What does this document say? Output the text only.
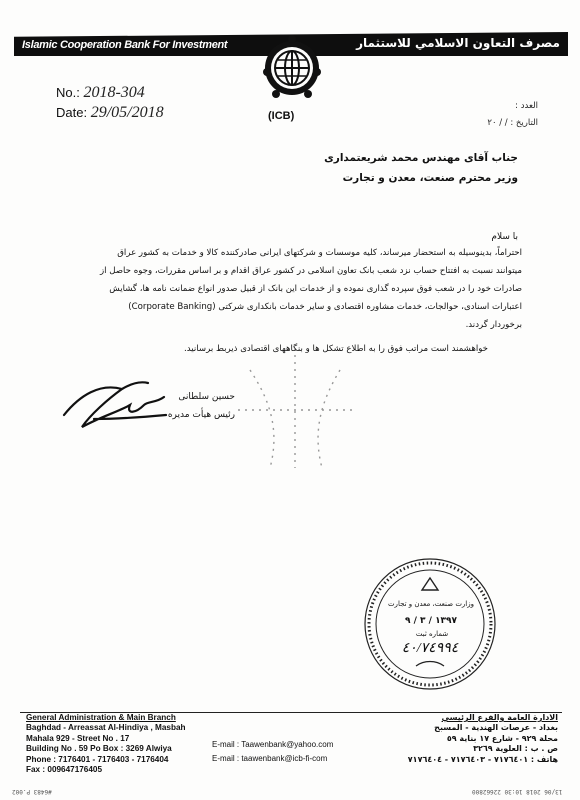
Islamic Cooperation Bank For Investment	مصرف التعاون الاسلامي للاستثمار
(ICB)
No.: 2018-304
Date: 29/05/2018	العدد :
التاريخ : / / ٢٠
جناب آقای مهندس محمد شریعتمداری
وزیر محترم صنعت، معدن و تجارت
با سلام
احتراماً، بدینوسیله به استحضار میرساند، کلیه موسسات و شرکتهای ایرانی صادرکننده کالا و خدمات به کشور عراق
میتوانند نسبت به افتتاح حساب نزد شعب بانک تعاون اسلامی در کشور عراق اقدام و بر اساس مقررات، وجوه حاصل از
صادرات خود را در شعب فوق سپرده گذاری نموده و از خدمات این بانک از قبیل صدور انواع ضمانت نامه ها، گشایش
اعتبارات اسنادی، حوالجات، خدمات مشاوره اقتصادی و سایر خدمات بانکداری شرکتی (Corporate Banking)
برخوردار گردند.
خواهشمند است مراتب فوق را به اطلاع تشکل ها و بنگاههای اقتصادی ذیربط برسانید.
حسین سلطانی
رئیس هیأت مدیره
وزارت صنعت، معدن و تجارت
١٣٩٧ / ٣ / ٩
شماره ثبت
٤٠/٧٤٩٩٤
General Administration & Main Branch
Baghdad - Arreassat Al-Hindiya , Masbah
Mahala 929 - Street No . 17
Building No . 59 Po Box : 3269 Alwiya
Phone : 7176401 - 7176403 - 7176404
Fax : 009647176405
E-mail : Taawenbank@yahoo.com
E-mail : taawenbank@icb-fi-com
الادارة العامة والفرع الرئيسي
بغداد - عرصات الهندية - المسبح
محلة ٩٢٩ - شارع ١٧ بناية ٥٩
ص . ب : العلوية ٣٢٦٩
هاتف : ٧١٧٦٤٠١ - ٧١٧٦٤٠٣ - ٧١٧٦٤٠٤
#6483 P.002	13/06 2018 10:30 22662800
